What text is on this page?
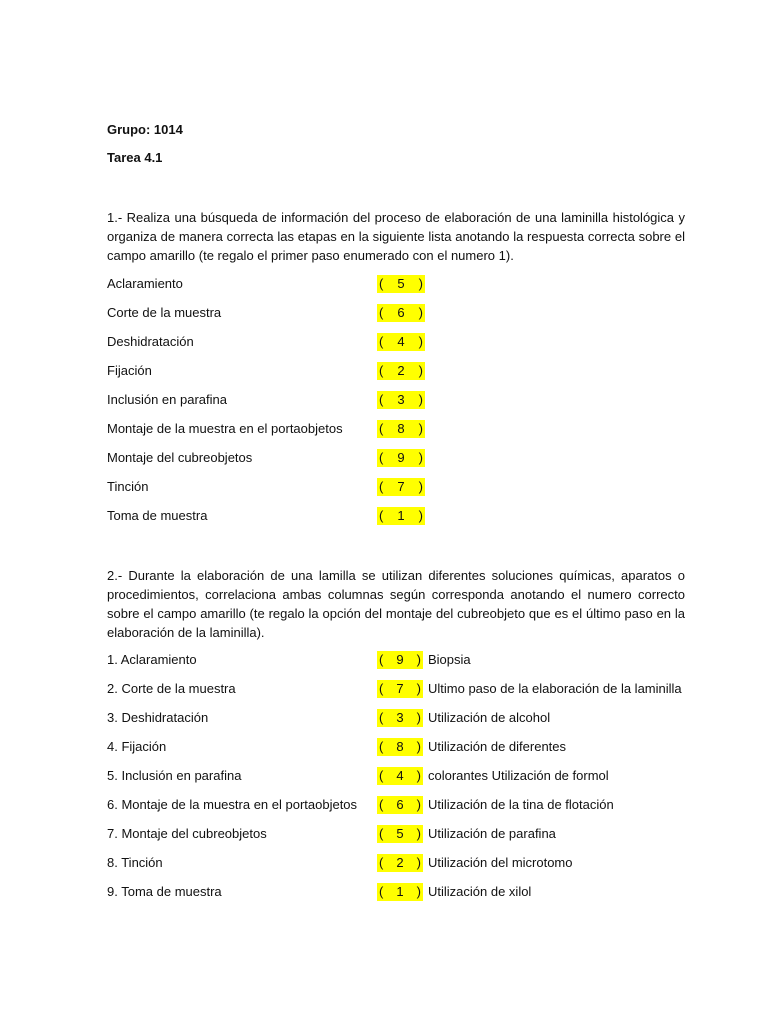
Grupo: 1014
Tarea 4.1
1.- Realiza una búsqueda de información del proceso de elaboración de una laminilla histológica y organiza de manera correcta las etapas en la siguiente lista anotando la respuesta correcta sobre el campo amarillo (te regalo el primer paso enumerado con el numero 1).
Aclaramiento	(	5	)
Corte de la muestra	(	6	)
Deshidratación	(	4	)
Fijación	(	2	)
Inclusión en parafina	(	3	)
Montaje de la muestra en el portaobjetos	(	8	)
Montaje del cubreobjetos	(	9	)
Tinción	(	7	)
Toma de muestra	(	1	)
2.- Durante la elaboración de una lamilla se utilizan diferentes soluciones químicas, aparatos o procedimientos, correlaciona ambas columnas según corresponda anotando el numero correcto sobre el campo amarillo (te regalo la opción del montaje del cubreobjeto que es el último paso en la elaboración de la laminilla).
1. Aclaramiento	(	9	) Biopsia
2. Corte de la muestra	(	7	) Ultimo paso de la elaboración de la laminilla
3. Deshidratación	(	3	) Utilización de alcohol
4. Fijación	(	8	) Utilización de diferentes
5. Inclusión en parafina	(	4	) colorantes Utilización de formol
6. Montaje de la muestra en el portaobjetos (	6	) Utilización de la tina de flotación
7. Montaje del cubreobjetos	(	5	) Utilización de parafina
8. Tinción	(	2	) Utilización del microtomo
9. Toma de muestra	(	1	) Utilización de xilol
